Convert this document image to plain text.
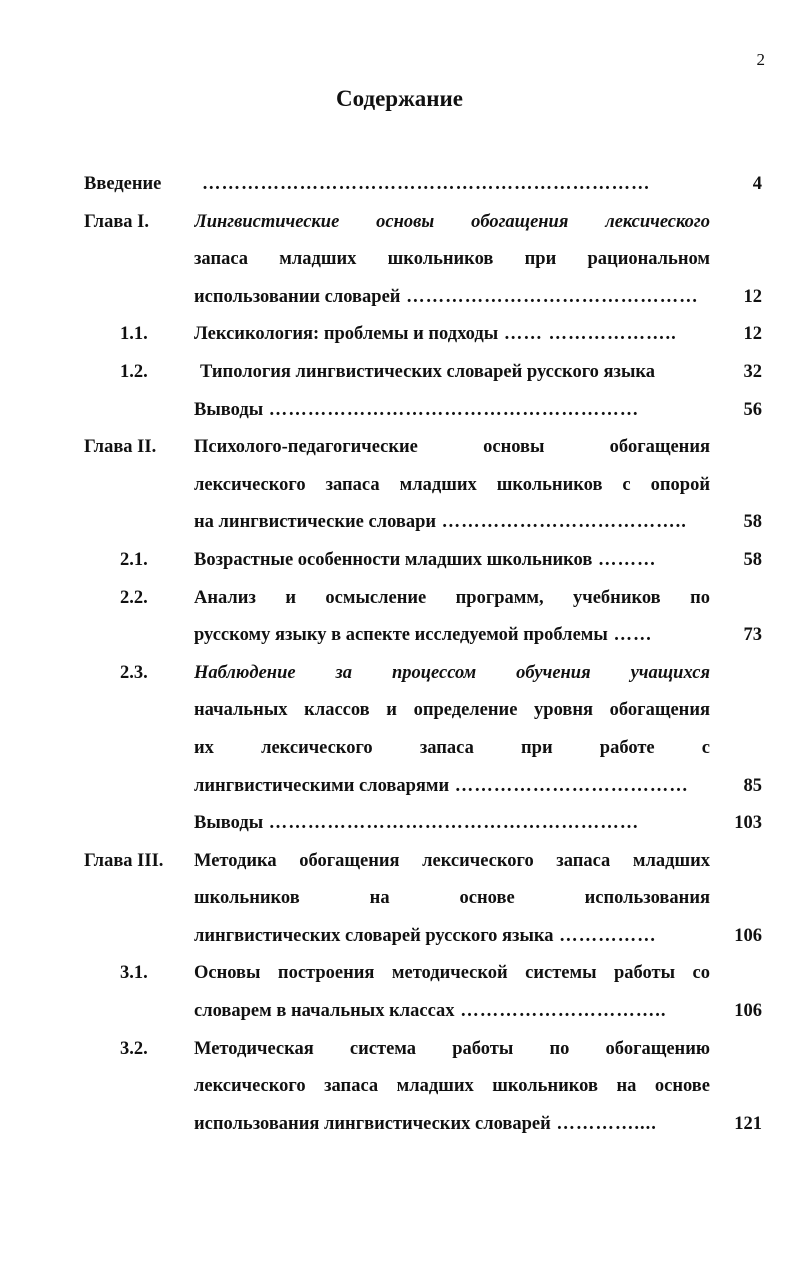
2
Содержание
Введение ……………………………………………………………	4
Глава I. Лингвистические основы обогащения лексического
запаса младших школьников при рациональном
использовании словарей ………………………………………	12
1.1.	Лексикология: проблемы и подходы …… ………………..	12
1.2.	Типология лингвистических словарей русского языка	32
Выводы …………………………………………………	56
Глава II. Психолого-педагогические основы обогащения
лексического запаса младших школьников с опорой
на лингвистические словари ………………………………..	58
2.1.	Возрастные особенности младших школьников ………	58
2.2.	Анализ и осмысление программ, учебников по
русскому языку в аспекте исследуемой проблемы ……	73
2.3.	Наблюдение за процессом обучения учащихся
начальных классов и определение уровня обогащения
их лексического запаса при работе с
лингвистическими словарями ………………………………	85
Выводы …………………………………………………	103
Глава III. Методика обогащения лексического запаса младших
школьников на основе использования
лингвистических словарей русского языка ……………	106
3.1.	Основы построения методической системы работы со
словарем в начальных классах …………………………..	106
3.2.	Методическая система работы по обогащению
лексического запаса младших школьников на основе
использования лингвистических словарей …………....	121
